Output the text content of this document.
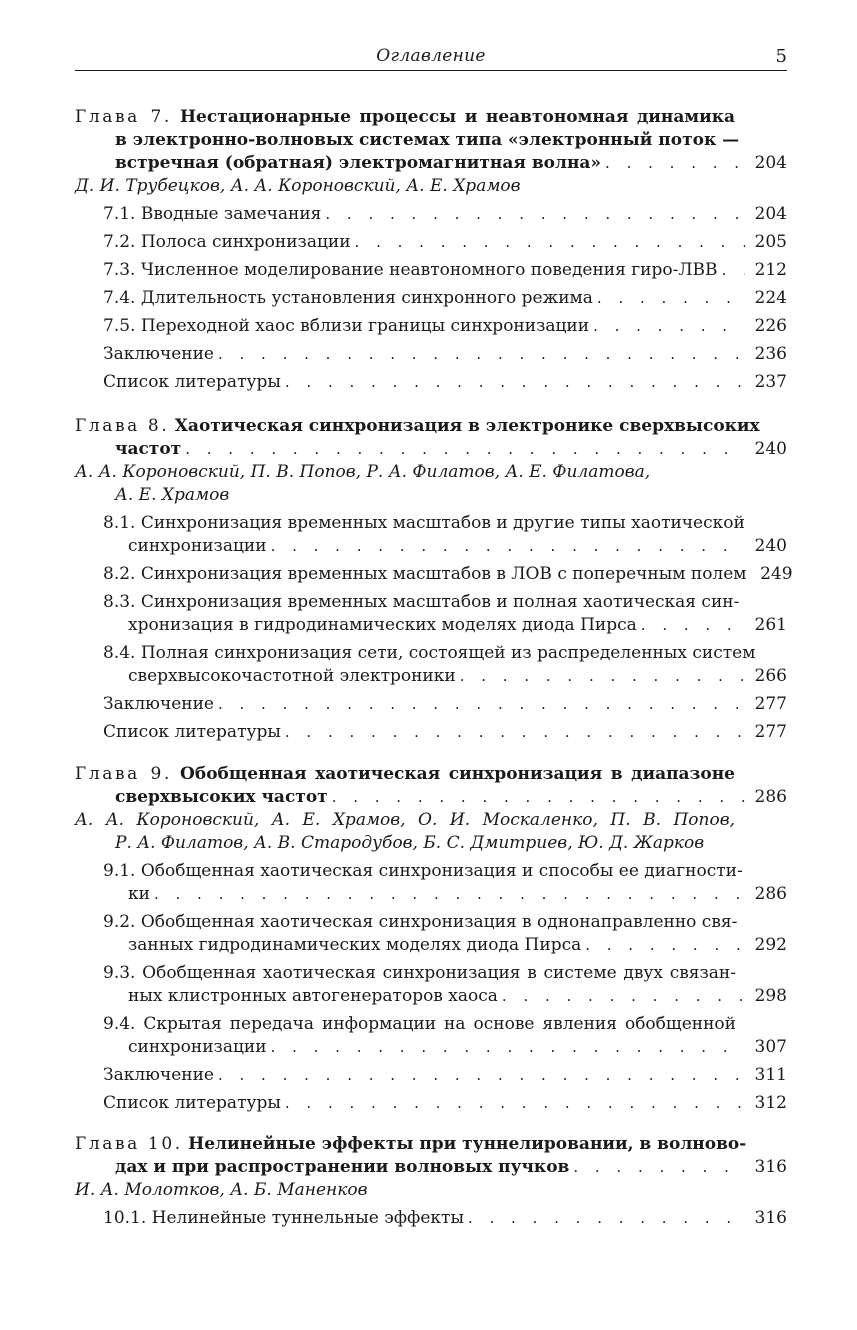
Оглавление	5
Глава 7. Нестационарные процессы и неавтономная динамика
в электронно-волновых системах типа «электронный поток —
встречная (обратная) электромагнитная волна» . . .	204
Д. И. Трубецков, А. А. Короновский, А. Е. Храмов
7.1. Вводные замечания . . .	204
7.2. Полоса синхронизации . . .	205
7.3. Численное моделирование неавтономного поведения гиро-ЛВВ . . .	212
7.4. Длительность установления синхронного режима . . .	224
7.5. Переходной хаос вблизи границы синхронизации . . .	226
Заключение . . .	236
Список литературы . . .	237
Глава 8. Хаотическая синхронизация в электронике сверхвысоких
частот . . .	240
А. А. Короновский, П. В. Попов, Р. А. Филатов, А. Е. Филатова,
А. Е. Храмов
8.1. Синхронизация временных масштабов и другие типы хаотической
синхронизации . . .	240
8.2. Синхронизация временных масштабов в ЛОВ с поперечным полем 249
8.3. Синхронизация временных масштабов и полная хаотическая син-
хронизация в гидродинамических моделях диода Пирса . . .	261
8.4. Полная синхронизация сети, состоящей из распределенных систем
сверхвысокочастотной электроники . . .	266
Заключение . . .	277
Список литературы . . .	277
Глава 9. Обобщенная хаотическая синхронизация в диапазоне
сверхвысоких частот . . .	286
А. А. Короновский, А. Е. Храмов, О. И. Москаленко, П. В. Попов,
Р. А. Филатов, А. В. Стародубов, Б. С. Дмитриев, Ю. Д. Жарков
9.1. Обобщенная хаотическая синхронизация и способы ее диагности-
ки . . .	286
9.2. Обобщенная хаотическая синхронизация в однонаправленно свя-
занных гидродинамических моделях диода Пирса . . .	292
9.3. Обобщенная хаотическая синхронизация в системе двух связан-
ных клистронных автогенераторов хаоса . . .	298
9.4. Скрытая передача информации на основе явления обобщенной
синхронизации . . .	307
Заключение . . .	311
Список литературы . . .	312
Глава 10. Нелинейные эффекты при туннелировании, в волново-
дах и при распространении волновых пучков . . .	316
И. А. Молотков, А. Б. Маненков
10.1. Нелинейные туннельные эффекты . . .	316
